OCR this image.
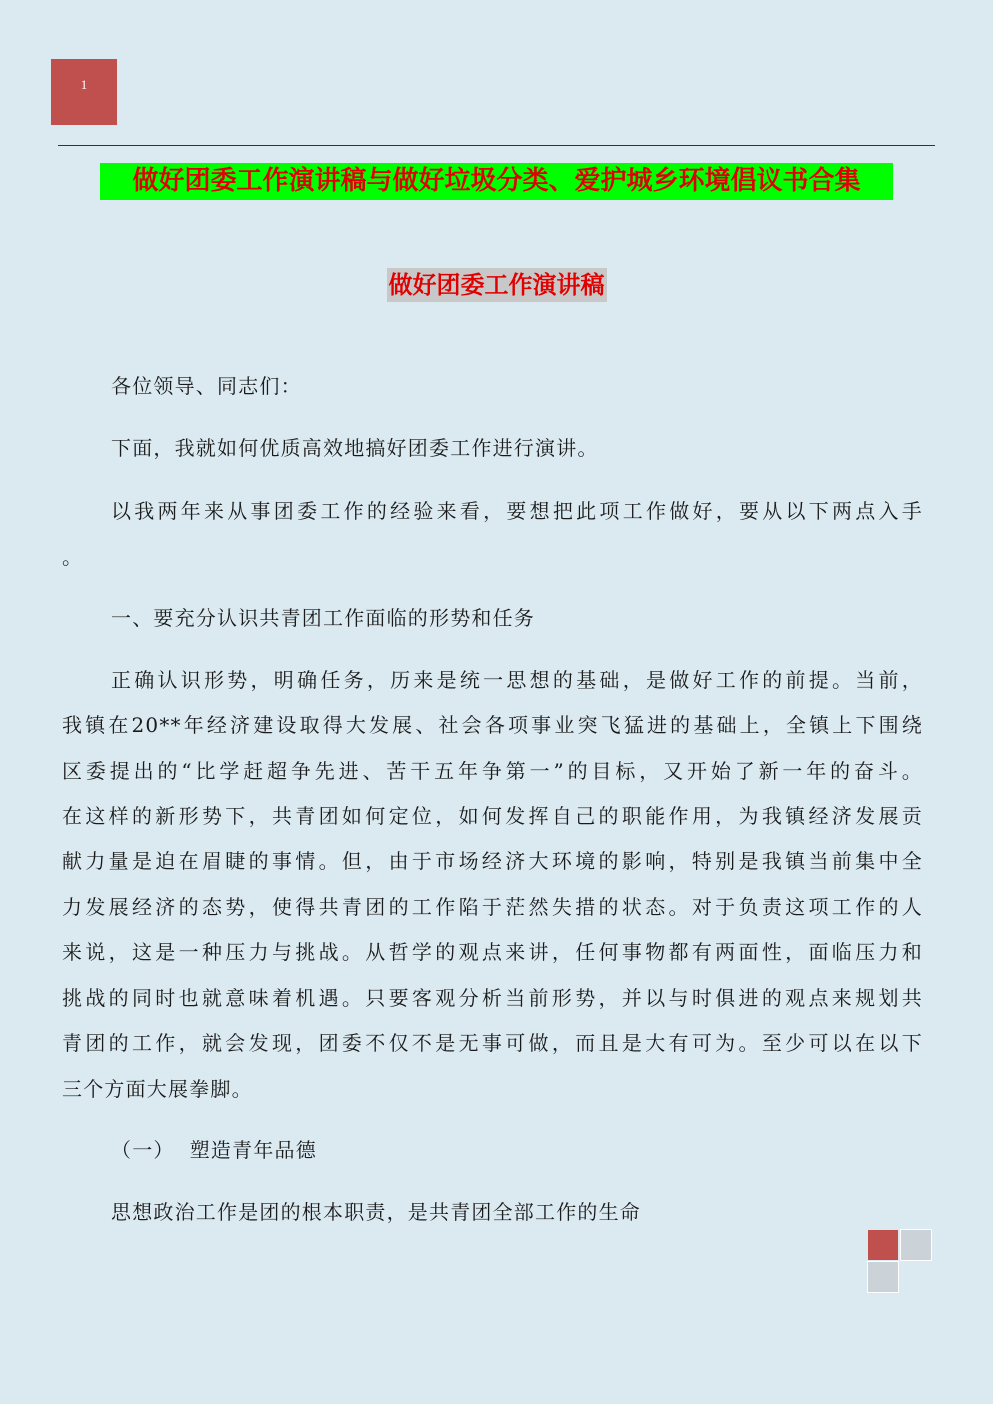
1
做好团委工作演讲稿与做好垃圾分类、爱护城乡环境倡议书合集
做好团委工作演讲稿
各位领导、同志们：
下面，我就如何优质高效地搞好团委工作进行演讲。
以我两年来从事团委工作的经验来看，要想把此项工作做好，要从以下两点入手
。
一、要充分认识共青团工作面临的形势和任务
正确认识形势，明确任务，历来是统一思想的基础，是做好工作的前提。当前，
我镇在20**年经济建设取得大发展、社会各项事业突飞猛进的基础上，全镇上下围绕
区委提出的“比学赶超争先进、苦干五年争第一”的目标，又开始了新一年的奋斗。
在这样的新形势下，共青团如何定位，如何发挥自己的职能作用，为我镇经济发展贡
献力量是迫在眉睫的事情。但，由于市场经济大环境的影响，特别是我镇当前集中全
力发展经济的态势，使得共青团的工作陷于茫然失措的状态。对于负责这项工作的人
来说，这是一种压力与挑战。从哲学的观点来讲，任何事物都有两面性，面临压力和
挑战的同时也就意味着机遇。只要客观分析当前形势，并以与时俱进的观点来规划共
青团的工作，就会发现，团委不仅不是无事可做，而且是大有可为。至少可以在以下
三个方面大展拳脚。
（一）  塑造青年品德
思想政治工作是团的根本职责，是共青团全部工作的生命
